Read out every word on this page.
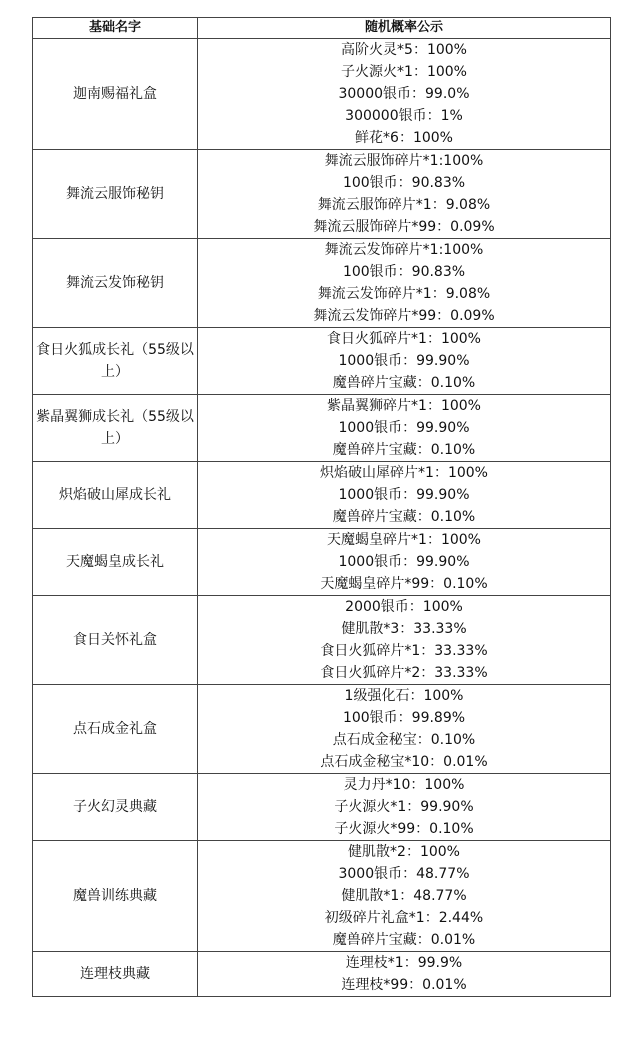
基础名字	随机概率公示
迦南赐福礼盒	高阶火灵*5：100%
子火源火*1：100%
30000银币：99.0%
300000银币：1%
鲜花*6：100%

舞流云服饰秘钥	舞流云服饰碎片*1:100%
100银币：90.83%
舞流云服饰碎片*1：9.08%
舞流云服饰碎片*99：0.09%

舞流云发饰秘钥	舞流云发饰碎片*1:100%
100银币：90.83%
舞流云发饰碎片*1：9.08%
舞流云发饰碎片*99：0.09%

食日火狐成长礼（55级以上）	食日火狐碎片*1：100%
1000银币：99.90%
魔兽碎片宝藏：0.10%

紫晶翼狮成长礼（55级以上）	紫晶翼狮碎片*1：100%
1000银币：99.90%
魔兽碎片宝藏：0.10%

炽焰破山犀成长礼	炽焰破山犀碎片*1：100%
1000银币：99.90%
魔兽碎片宝藏：0.10%

天魔蝎皇成长礼	天魔蝎皇碎片*1：100%
1000银币：99.90%
天魔蝎皇碎片*99：0.10%

食日关怀礼盒	2000银币：100%
健肌散*3：33.33%
食日火狐碎片*1：33.33%
食日火狐碎片*2：33.33%

点石成金礼盒	1级强化石：100%
100银币：99.89%
点石成金秘宝：0.10%
点石成金秘宝*10：0.01%

子火幻灵典藏	灵力丹*10：100%
子火源火*1：99.90%
子火源火*99：0.10%

魔兽训练典藏	健肌散*2：100%
3000银币：48.77%
健肌散*1：48.77%
初级碎片礼盒*1：2.44%
魔兽碎片宝藏：0.01%

连理枝典藏	连理枝*1：99.9%
连理枝*99：0.01%
